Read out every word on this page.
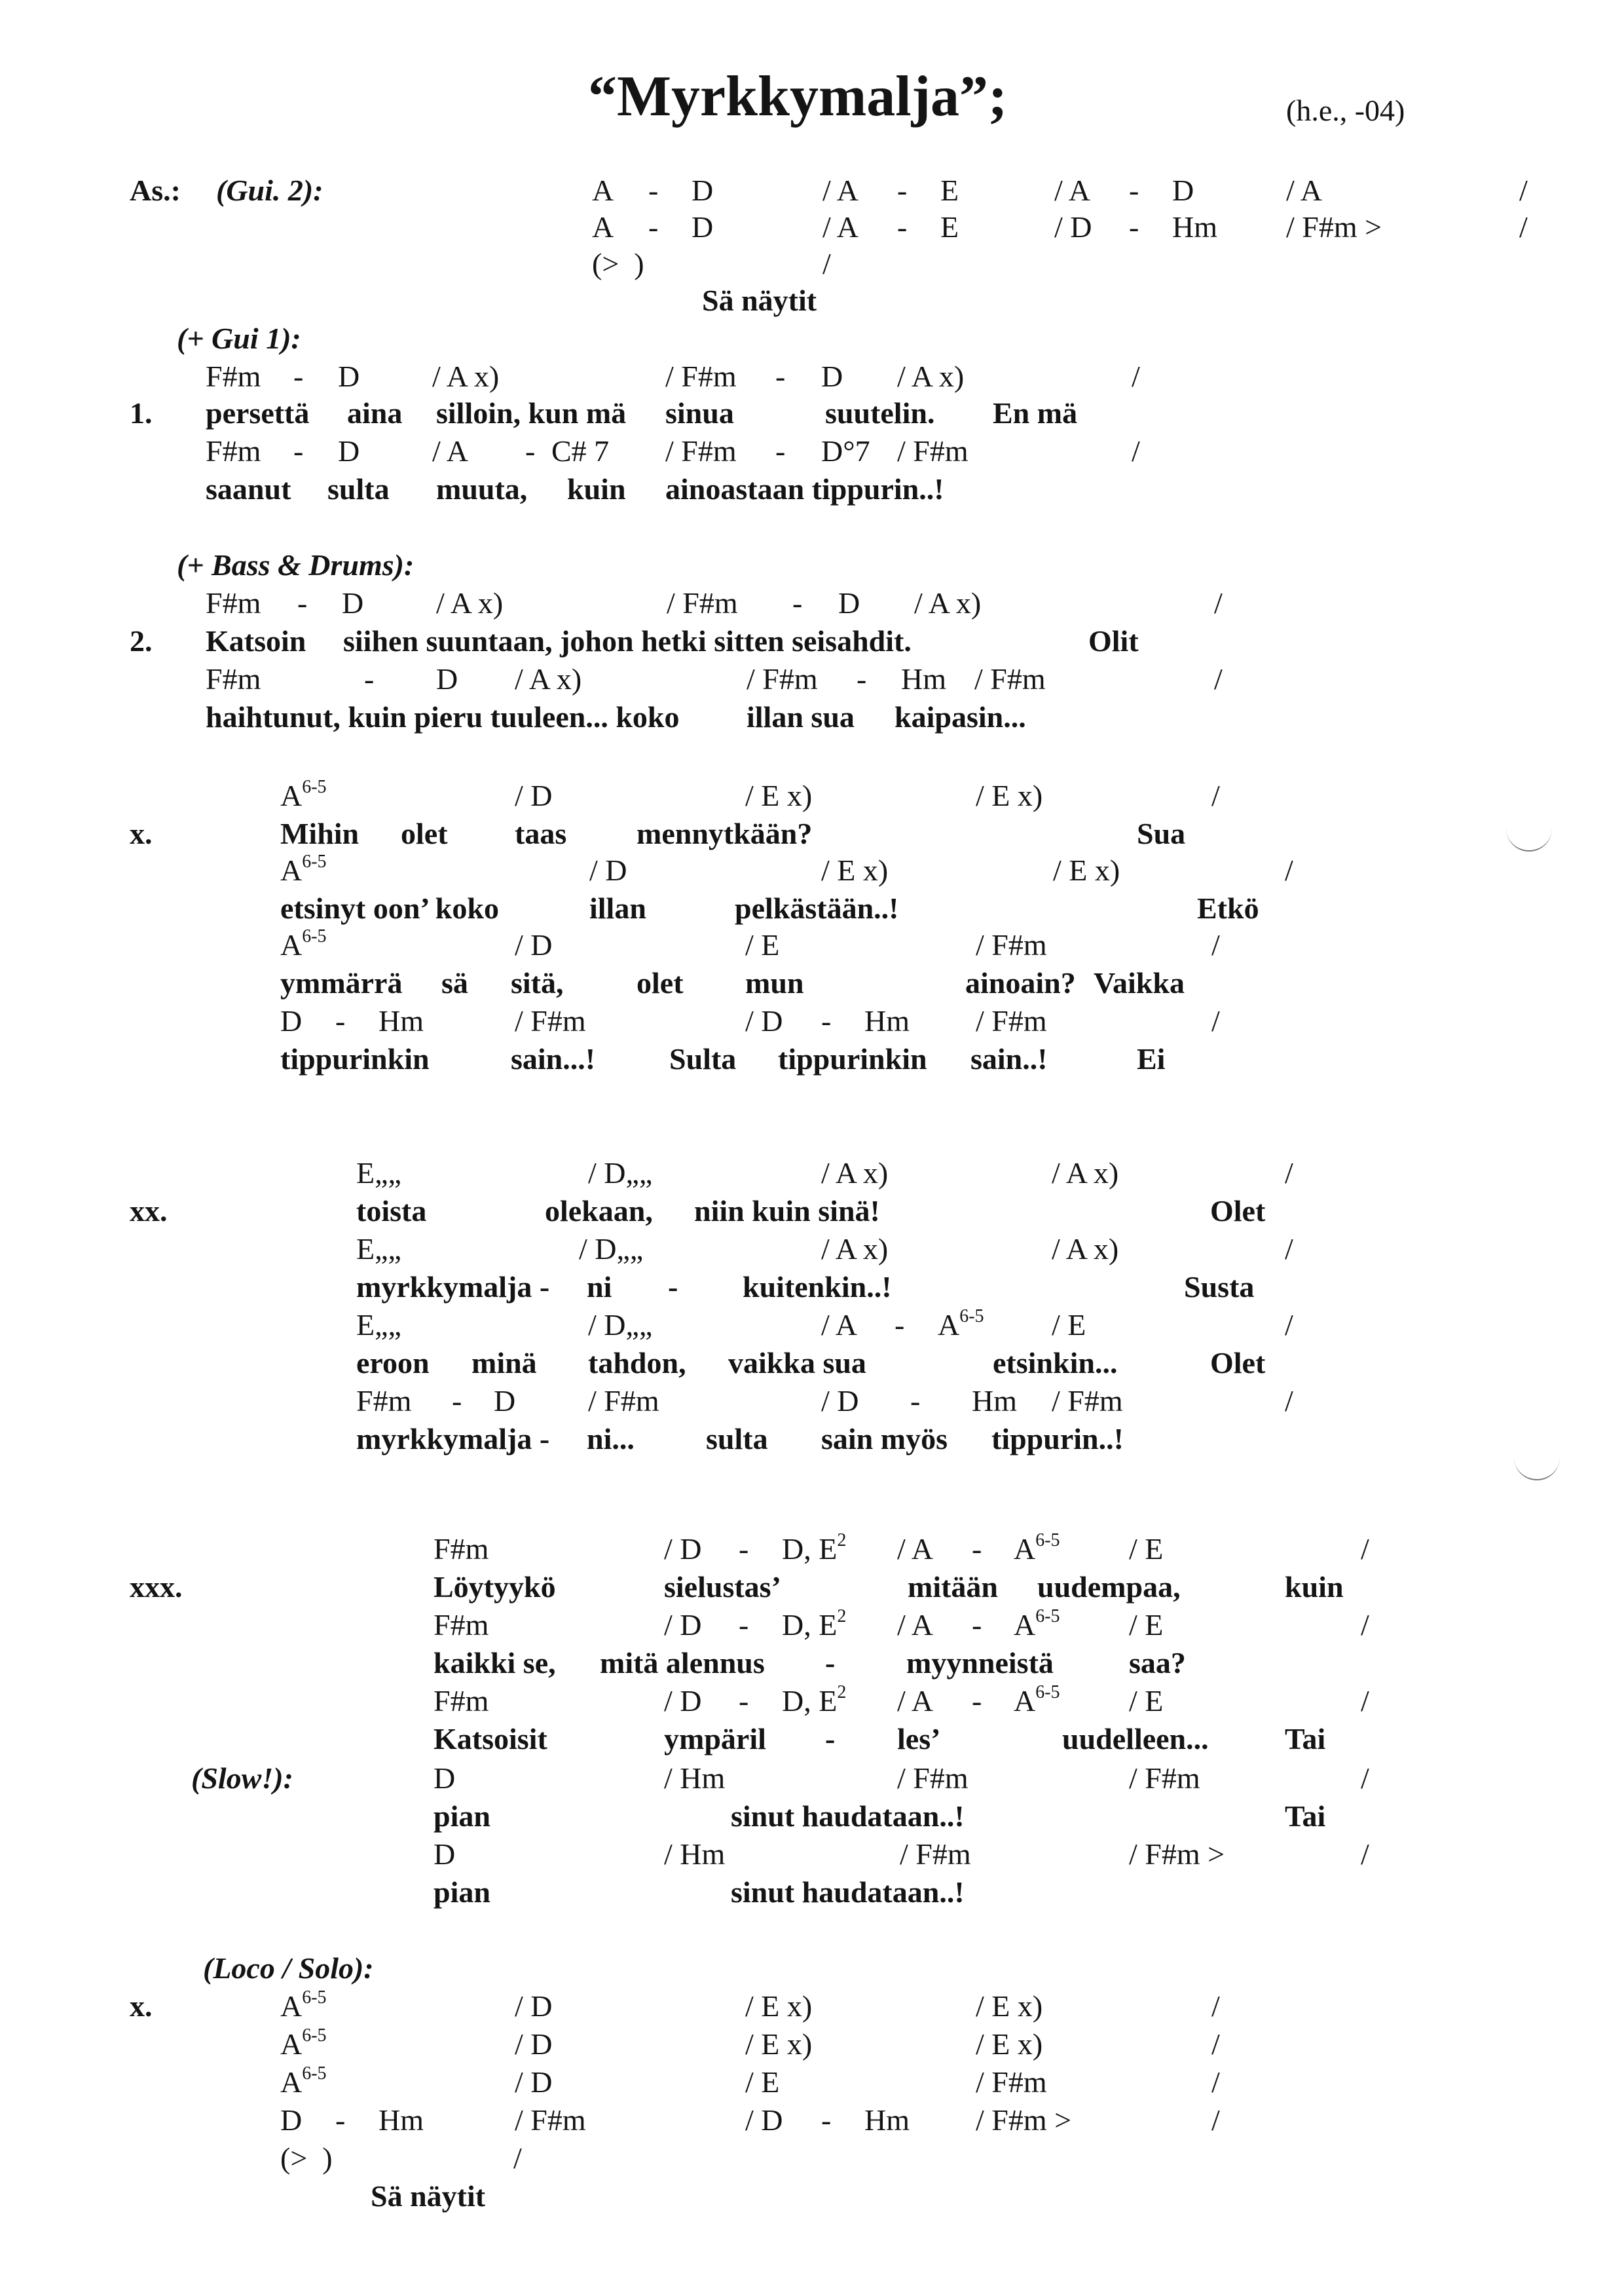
“Myrkkymalja”;	(h.e., -04)
As.: (Gui. 2):	A - D	/ A - E	/ A - D	/ A	/
A - D	/ A - E	/ D - Hm / F#m >	/
(>  )	/
Sä näytit
(+ Gui 1):
F#m - D / A x)	/ F#m - D / A x)	/
1. persettä aina silloin, kun mä sinua	suutelin. En mä
F#m - D / A - C# 7 / F#m - D°7 / F#m	/
saanut sulta muuta, kuin ainoastaan tippurin..!
(+ Bass & Drums):
F#m - D / A x)	/ F#m - D / A x)	/
2. Katsoin siihen suuntaan, johon hetki sitten seisahdit.	Olit
F#m	- D / A x)	/ F#m - Hm / F#m	/
haihtunut, kuin pieru tuuleen... koko illan sua kaipasin...
$A^{6-5}$	/ D	/ E x)	/ E x)	/
x.	Mihin olet taas mennytkään?	Sua
$A^{6-5}$	/ D	/ E x)	/ E x)	/
etsinyt oon’ koko	illan	pelkästään..!	Etkö
$A^{6-5}$	/ D	/ E	/ F#m	/
ymmärrä sä sitä, olet mun	ainoain? Vaikka
D - Hm	/ F#m	/ D - Hm / F#m	/
tippurinkin	sain...! Sulta tippurinkin sain..!	Ei
E„„	/ D„„	/ A x)	/ A x)	/
xx.	toista	olekaan, niin kuin sinä!	Olet
E„„	/ D„„	/ A x)	/ A x)	/
myrkkymalja - ni - kuitenkin..!	Susta
E„„	/ D„„	/ A - $A^{6-5}$ / E	/
eroon minä tahdon, vaikka sua	etsinkin...	Olet
F#m - D / F#m	/ D - Hm / F#m	/
myrkkymalja - ni... sulta sain myös tippurin..!
F#m	/ D - D, $E^2$ / A - $A^{6-5}$ / E	/
xxx.	Löytyykö	sielustas’	mitään uudempaa,	kuin
F#m	/ D - D, $E^2$ / A - $A^{6-5}$ / E	/
kaikki se, mitä alennus - myynneistä	saa?
F#m	/ D - D, $E^2$ / A - $A^{6-5}$ / E	/
Katsoisit	ympäril - les’	uudelleen...	Tai
(Slow!):	D	/ Hm	/ F#m	/ F#m	/
pian	sinut haudataan..!	Tai
D	/ Hm	/ F#m	/ F#m >	/
pian	sinut haudataan..!
(Loco / Solo):
x.	$A^{6-5}$	/ D	/ E x)	/ E x)	/
$A^{6-5}$	/ D	/ E x)	/ E x)	/
$A^{6-5}$	/ D	/ E	/ F#m	/
D - Hm	/ F#m	/ D - Hm / F#m >	/
(>  )	/
Sä näytit
